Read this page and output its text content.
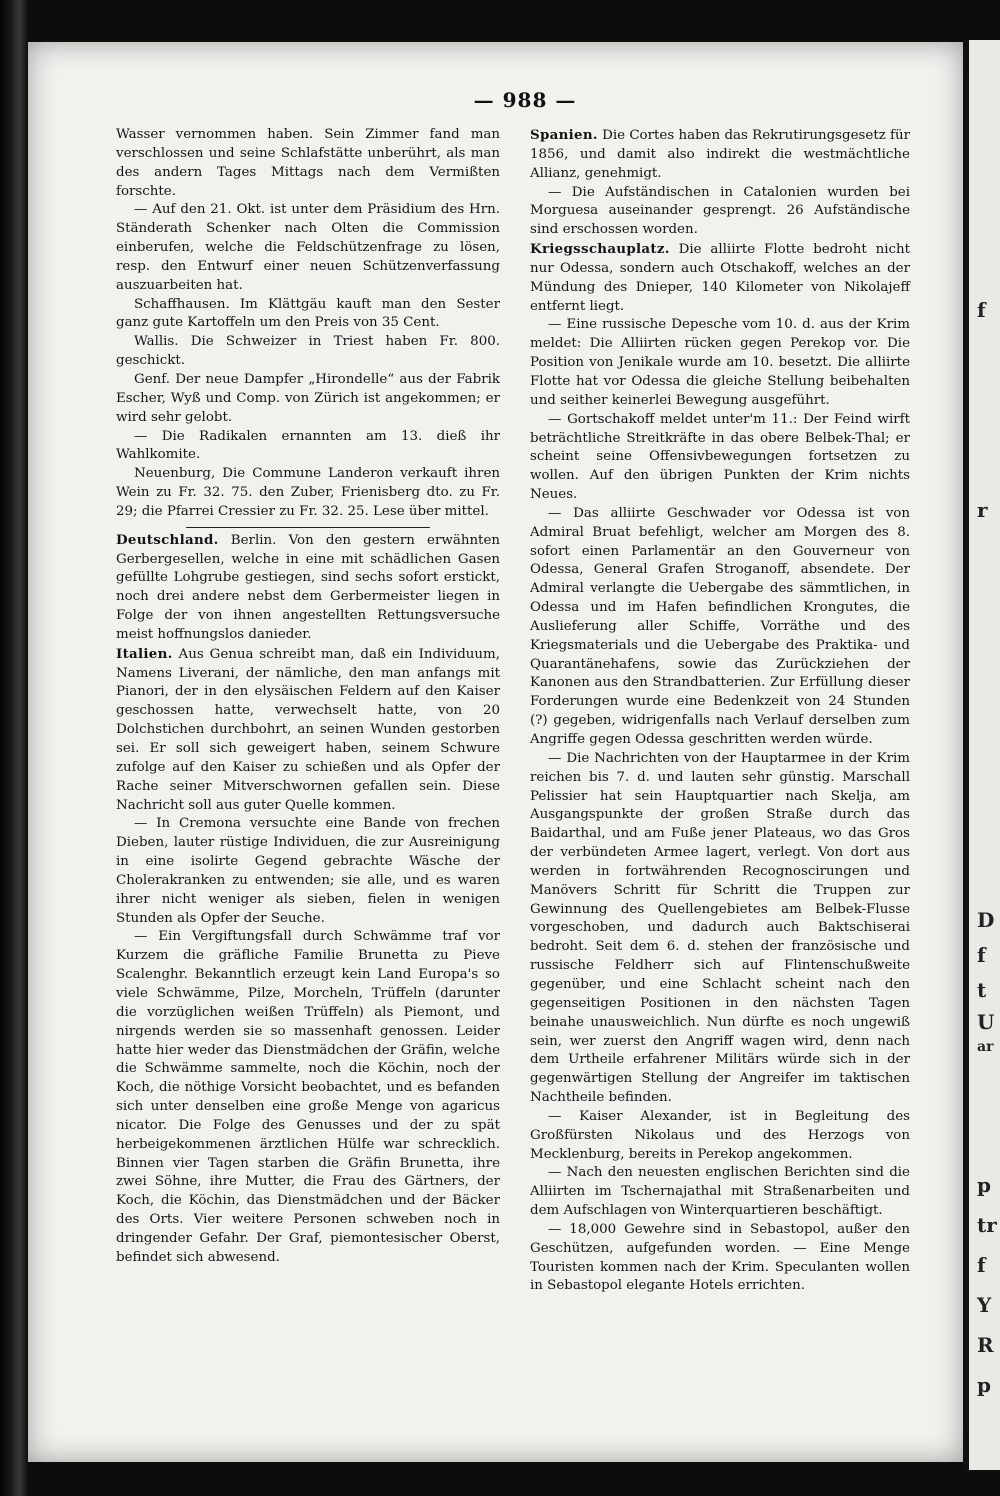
f
r
D
f
t
U
ar
p
tr
f
Y
R
p
— 988 —

Wasser vernommen haben. Sein Zimmer fand man verschlossen und seine Schlafstätte unberührt, als man des andern Tages Mittags nach dem Vermißten forschte.

— Auf den 21. Okt. ist unter dem Präsidium des Hrn. Ständerath Schenker nach Olten die Commission einberufen, welche die Feldschützenfrage zu lösen, resp. den Entwurf einer neuen Schützenverfassung auszuarbeiten hat.

Schaffhausen. Im Klättgäu kauft man den Sester ganz gute Kartoffeln um den Preis von 35 Cent.

Wallis. Die Schweizer in Triest haben Fr. 800. geschickt.

Genf. Der neue Dampfer „Hirondelle“ aus der Fabrik Escher, Wyß und Comp. von Zürich ist angekommen; er wird sehr gelobt.

— Die Radikalen ernannten am 13. dieß ihr Wahlkomite.

Neuenburg, Die Commune Landeron verkauft ihren Wein zu Fr. 32. 75. den Zuber, Frienisberg dto. zu Fr. 29; die Pfarrei Cressier zu Fr. 32. 25. Lese über mittel.

Deutschland. Berlin. Von den gestern erwähnten Gerbergesellen, welche in eine mit schädlichen Gasen gefüllte Lohgrube gestiegen, sind sechs sofort erstickt, noch drei andere nebst dem Gerbermeister liegen in Folge der von ihnen angestellten Rettungsversuche meist hoffnungslos danieder.

Italien. Aus Genua schreibt man, daß ein Individuum, Namens Liverani, der nämliche, den man anfangs mit Pianori, der in den elysäischen Feldern auf den Kaiser geschossen hatte, verwechselt hatte, von 20 Dolchstichen durchbohrt, an seinen Wunden gestorben sei. Er soll sich geweigert haben, seinem Schwure zufolge auf den Kaiser zu schießen und als Opfer der Rache seiner Mitverschwornen gefallen sein. Diese Nachricht soll aus guter Quelle kommen.

— In Cremona versuchte eine Bande von frechen Dieben, lauter rüstige Individuen, die zur Ausreinigung in eine isolirte Gegend gebrachte Wäsche der Cholerakranken zu entwenden; sie alle, und es waren ihrer nicht weniger als sieben, fielen in wenigen Stunden als Opfer der Seuche.

— Ein Vergiftungsfall durch Schwämme traf vor Kurzem die gräfliche Familie Brunetta zu Pieve Scalenghr. Bekanntlich erzeugt kein Land Europa's so viele Schwämme, Pilze, Morcheln, Trüffeln (darunter die vorzüglichen weißen Trüffeln) als Piemont, und nirgends werden sie so massenhaft genossen. Leider hatte hier weder das Dienstmädchen der Gräfin, welche die Schwämme sammelte, noch die Köchin, noch der Koch, die nöthige Vorsicht beobachtet, und es befanden sich unter denselben eine große Menge von agaricus nicator. Die Folge des Genusses und der zu spät herbeigekommenen ärztlichen Hülfe war schrecklich. Binnen vier Tagen starben die Gräfin Brunetta, ihre zwei Söhne, ihre Mutter, die Frau des Gärtners, der Koch, die Köchin, das Dienstmädchen und der Bäcker des Orts. Vier weitere Personen schweben noch in dringender Gefahr. Der Graf, piemontesischer Oberst, befindet sich abwesend.

Spanien. Die Cortes haben das Rekrutirungsgesetz für 1856, und damit also indirekt die westmächtliche Allianz, genehmigt.

— Die Aufständischen in Catalonien wurden bei Morguesa auseinander gesprengt. 26 Aufständische sind erschossen worden.

Kriegsschauplatz. Die alliirte Flotte bedroht nicht nur Odessa, sondern auch Otschakoff, welches an der Mündung des Dnieper, 140 Kilometer von Nikolajeff entfernt liegt.

— Eine russische Depesche vom 10. d. aus der Krim meldet: Die Alliirten rücken gegen Perekop vor. Die Position von Jenikale wurde am 10. besetzt. Die alliirte Flotte hat vor Odessa die gleiche Stellung beibehalten und seither keinerlei Bewegung ausgeführt.

— Gortschakoff meldet unter'm 11.: Der Feind wirft beträchtliche Streitkräfte in das obere Belbek-Thal; er scheint seine Offensivbewegungen fortsetzen zu wollen. Auf den übrigen Punkten der Krim nichts Neues.

— Das alliirte Geschwader vor Odessa ist von Admiral Bruat befehligt, welcher am Morgen des 8. sofort einen Parlamentär an den Gouverneur von Odessa, General Grafen Stroganoff, absendete. Der Admiral verlangte die Uebergabe des sämmtlichen, in Odessa und im Hafen befindlichen Krongutes, die Auslieferung aller Schiffe, Vorräthe und des Kriegsmaterials und die Uebergabe des Praktika- und Quarantänehafens, sowie das Zurückziehen der Kanonen aus den Strandbatterien. Zur Erfüllung dieser Forderungen wurde eine Bedenkzeit von 24 Stunden (?) gegeben, widrigenfalls nach Verlauf derselben zum Angriffe gegen Odessa geschritten werden würde.

— Die Nachrichten von der Hauptarmee in der Krim reichen bis 7. d. und lauten sehr günstig. Marschall Pelissier hat sein Hauptquartier nach Skelja, am Ausgangspunkte der großen Straße durch das Baidarthal, und am Fuße jener Plateaus, wo das Gros der verbündeten Armee lagert, verlegt. Von dort aus werden in fortwährenden Recognoscirungen und Manövers Schritt für Schritt die Truppen zur Gewinnung des Quellengebietes am Belbek-Flusse vorgeschoben, und dadurch auch Baktschiserai bedroht. Seit dem 6. d. stehen der französische und russische Feldherr sich auf Flintenschußweite gegenüber, und eine Schlacht scheint nach den gegenseitigen Positionen in den nächsten Tagen beinahe unausweichlich. Nun dürfte es noch ungewiß sein, wer zuerst den Angriff wagen wird, denn nach dem Urtheile erfahrener Militärs würde sich in der gegenwärtigen Stellung der Angreifer im taktischen Nachtheile befinden.

— Kaiser Alexander, ist in Begleitung des Großfürsten Nikolaus und des Herzogs von Mecklenburg, bereits in Perekop angekommen.

— Nach den neuesten englischen Berichten sind die Alliirten im Tschernajathal mit Straßenarbeiten und dem Aufschlagen von Winterquartieren beschäftigt.

— 18,000 Gewehre sind in Sebastopol, außer den Geschützen, aufgefunden worden. — Eine Menge Touristen kommen nach der Krim. Speculanten wollen in Sebastopol elegante Hotels errichten.
